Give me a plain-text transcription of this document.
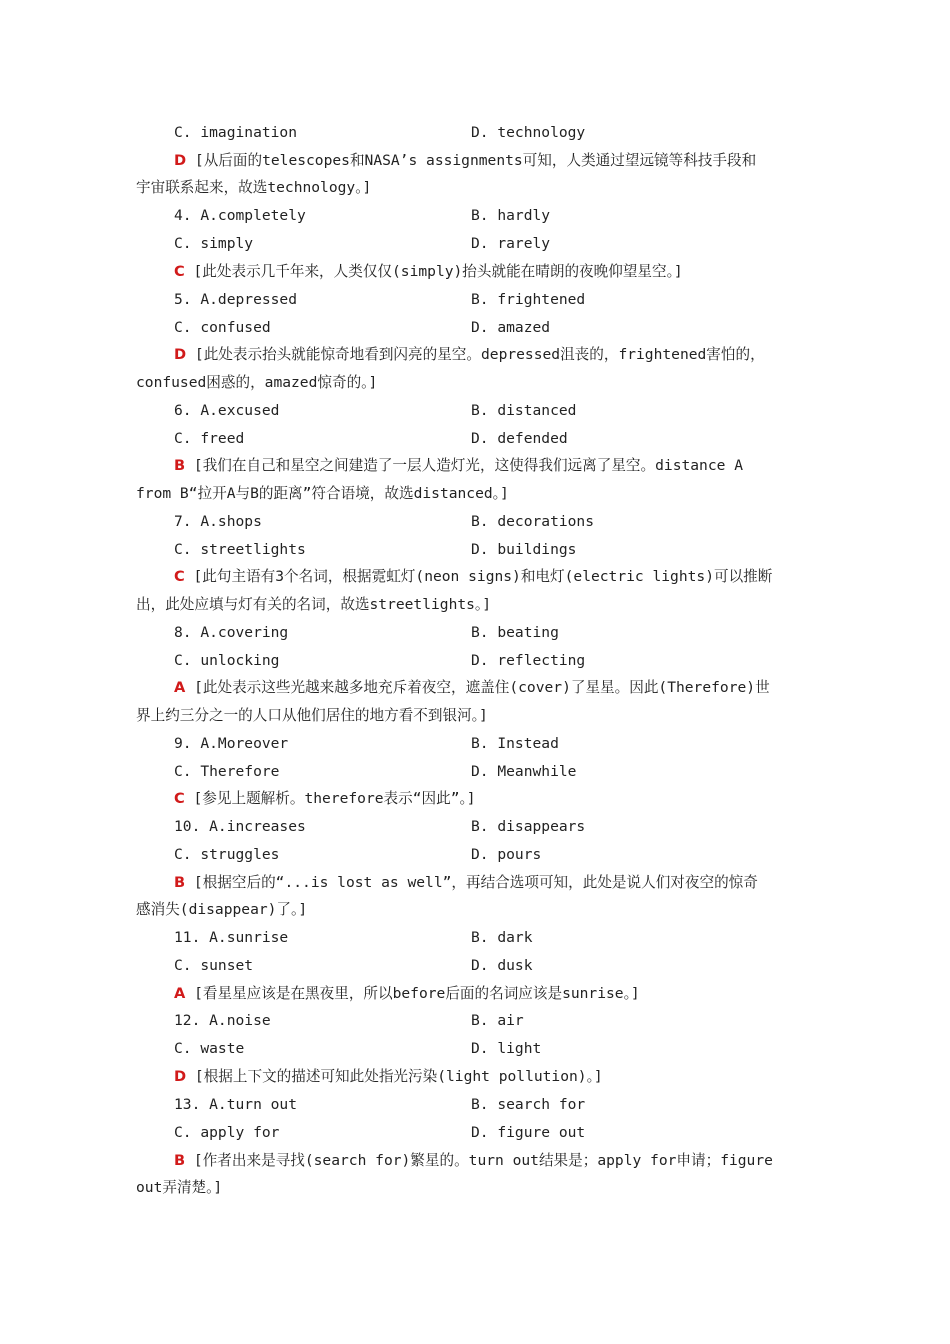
C. imagination	D. technology
D [从后面的telescopes和NASA’s assignments可知，人类通过望远镜等科技手段和
宇宙联系起来，故选technology。]
4. A.completely	B. hardly
C. simply	D. rarely
C [此处表示几千年来，人类仅仅(simply)抬头就能在晴朗的夜晚仰望星空。]
5. A.depressed	B. frightened
C. confused	D. amazed
D [此处表示抬头就能惊奇地看到闪亮的星空。depressed沮丧的，frightened害怕的，
confused困惑的，amazed惊奇的。]
6. A.excused	B. distanced
C. freed	D. defended
B [我们在自己和星空之间建造了一层人造灯光，这使得我们远离了星空。distance A
from B“拉开A与B的距离”符合语境，故选distanced。]
7. A.shops	B. decorations
C. streetlights	D. buildings
C [此句主语有3个名词，根据霓虹灯(neon signs)和电灯(electric lights)可以推断
出，此处应填与灯有关的名词，故选streetlights。]
8. A.covering	B. beating
C. unlocking	D. reflecting
A [此处表示这些光越来越多地充斥着夜空，遮盖住(cover)了星星。因此(Therefore)世
界上约三分之一的人口从他们居住的地方看不到银河。]
9. A.Moreover	B. Instead
C. Therefore	D. Meanwhile
C [参见上题解析。therefore表示“因此”。]
10. A.increases	B. disappears
C. struggles	D. pours
B [根据空后的“...is lost as well”，再结合选项可知，此处是说人们对夜空的惊奇
感消失(disappear)了。]
11. A.sunrise	B. dark
C. sunset	D. dusk
A [看星星应该是在黑夜里，所以before后面的名词应该是sunrise。]
12. A.noise	B. air
C. waste	D. light
D [根据上下文的描述可知此处指光污染(light pollution)。]
13. A.turn out	B. search for
C. apply for	D. figure out
B [作者出来是寻找(search for)繁星的。turn out结果是；apply for申请；figure
out弄清楚。]
